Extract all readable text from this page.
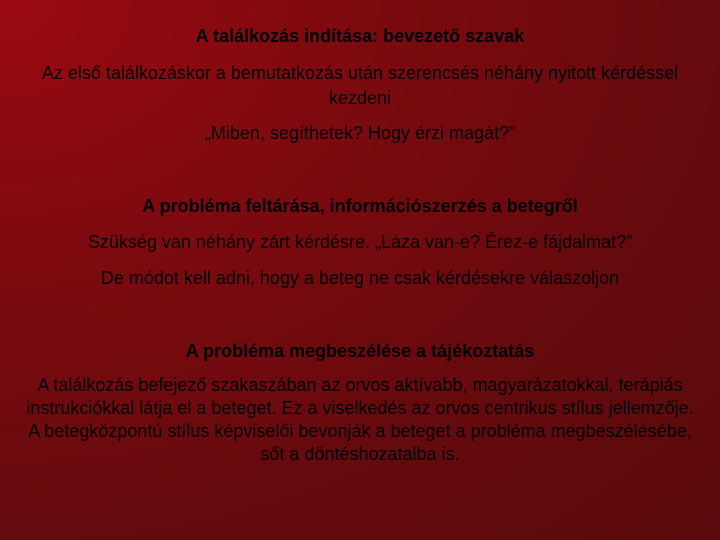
A találkozás indítása: bevezető szavak
Az első találkozáskor a bemutatkozás után szerencsés néhány nyitott kérdéssel
kezdeni
„Miben, segíthetek? Hogy érzi magát?”
A probléma feltárása, információszerzés a betegről
Szükség van néhány zárt kérdésre. „Láza van-e? Érez-e fájdalmat?”
De módot kell adni, hogy a beteg ne csak kérdésekre válaszoljon
A probléma megbeszélése a tájékoztatás
A találkozás befejező szakaszában az orvos aktívabb, magyarázatokkal, terápiás instrukciókkal látja el a beteget. Ez a viselkedés az orvos centrikus stílus jellemzője. A betegközpontú stílus képviselői bevonják a beteget a probléma megbeszélésébe, sőt a döntéshozatalba is.
